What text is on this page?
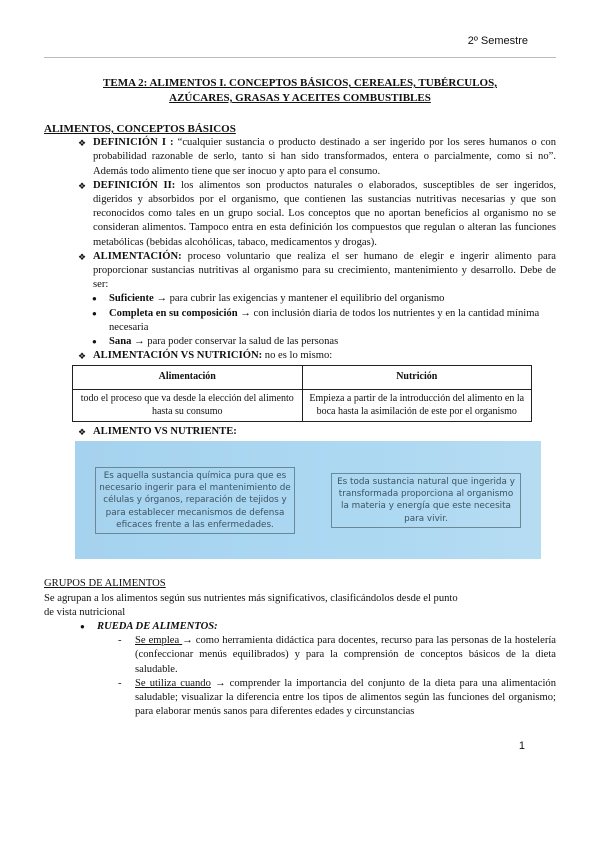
2º Semestre
TEMA 2: ALIMENTOS I. CONCEPTOS BÁSICOS, CEREALES, TUBÉRCULOS,
AZÚCARES, GRASAS Y ACEITES COMBUSTIBLES
ALIMENTOS, CONCEPTOS BÁSICOS
❖ DEFINICIÓN I : “cualquier sustancia o producto destinado a ser ingerido por los seres humanos o con probabilidad razonable de serlo, tanto si han sido transformados, entera o parcialmente, como si no”. Además todo alimento tiene que ser inocuo y apto para el consumo.
❖ DEFINICIÓN II: los alimentos son productos naturales o elaborados, susceptibles de ser ingeridos, digeridos y absorbidos por el organismo, que contienen las sustancias nutritivas necesarias y que son reconocidos como tales en un grupo social. Los conceptos que no aportan beneficios al organismo no se consideran alimentos. Tampoco entra en esta definición los compuestos que regulan o alteran las funciones metabólicas (bebidas alcohólicas, tabaco, medicamentos y drogas).
❖ ALIMENTACIÓN: proceso voluntario que realiza el ser humano de elegir e ingerir alimento para proporcionar sustancias nutritivas al organismo para su crecimiento, mantenimiento y desarrollo. Debe de ser:
● Suficiente → para cubrir las exigencias y mantener el equilibrio del organismo
● Completa en su composición → con inclusión diaria de todos los nutrientes y en la cantidad mínima necesaria
● Sana → para poder conservar la salud de las personas
❖ ALIMENTACIÓN VS NUTRICIÓN: no es lo mismo:
Alimentación	Nutrición
todo el proceso que va desde la elección del alimento hasta su consumo	Empieza a partir de la introducción del alimento en la boca hasta la asimilación de este por el organismo
❖ ALIMENTO VS NUTRIENTE:
Es aquella sustancia química pura que es necesario ingerir para el mantenimiento de células y órganos, reparación de tejidos y para establecer mecanismos de defensa eficaces frente a las enfermedades.
Es toda sustancia natural que ingerida y transformada proporciona al organismo la materia y energía que este necesita para vivir.
GRUPOS DE ALIMENTOS
Se agrupan a los alimentos según sus nutrientes más significativos, clasificándolos desde el punto
de vista nutricional
● RUEDA DE ALIMENTOS:
- Se emplea → como herramienta didáctica para docentes, recurso para las personas de la hostelería (confeccionar menús equilibrados) y para la comprensión de conceptos básicos de la dieta saludable.
- Se utiliza cuando → comprender la importancia del conjunto de la dieta para una alimentación saludable; visualizar la diferencia entre los tipos de alimentos según las funciones del organismo; para elaborar menús sanos para diferentes edades y circunstancias
1
